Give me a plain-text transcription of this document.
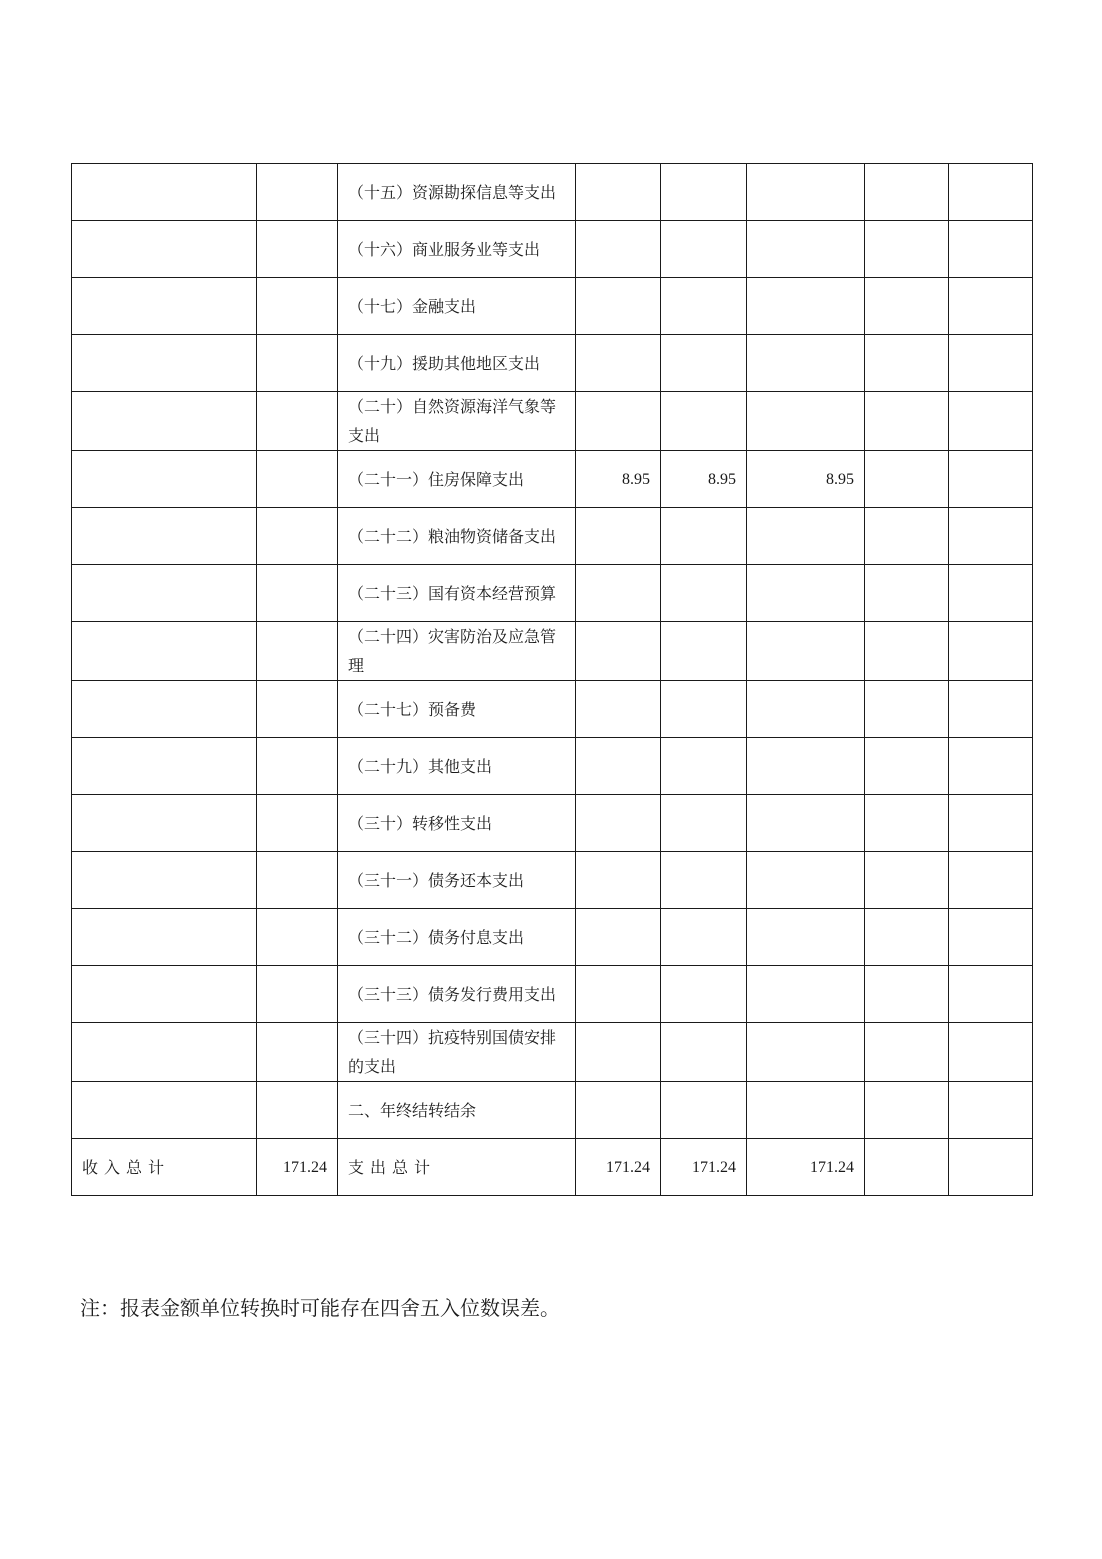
		（十五）资源勘探信息等支出					
		（十六）商业服务业等支出					
		（十七）金融支出					
		（十九）援助其他地区支出					
		（二十）自然资源海洋气象等支出					
		（二十一）住房保障支出	8.95	8.95	8.95		
		（二十二）粮油物资储备支出					
		（二十三）国有资本经营预算					
		（二十四）灾害防治及应急管理					
		（二十七）预备费					
		（二十九）其他支出					
		（三十）转移性支出					
		（三十一）债务还本支出					
		（三十二）债务付息支出					
		（三十三）债务发行费用支出					
		（三十四）抗疫特别国债安排的支出					
		二、年终结转结余					
收入总计	171.24	支出总计	171.24	171.24	171.24		

注：报表金额单位转换时可能存在四舍五入位数误差。
